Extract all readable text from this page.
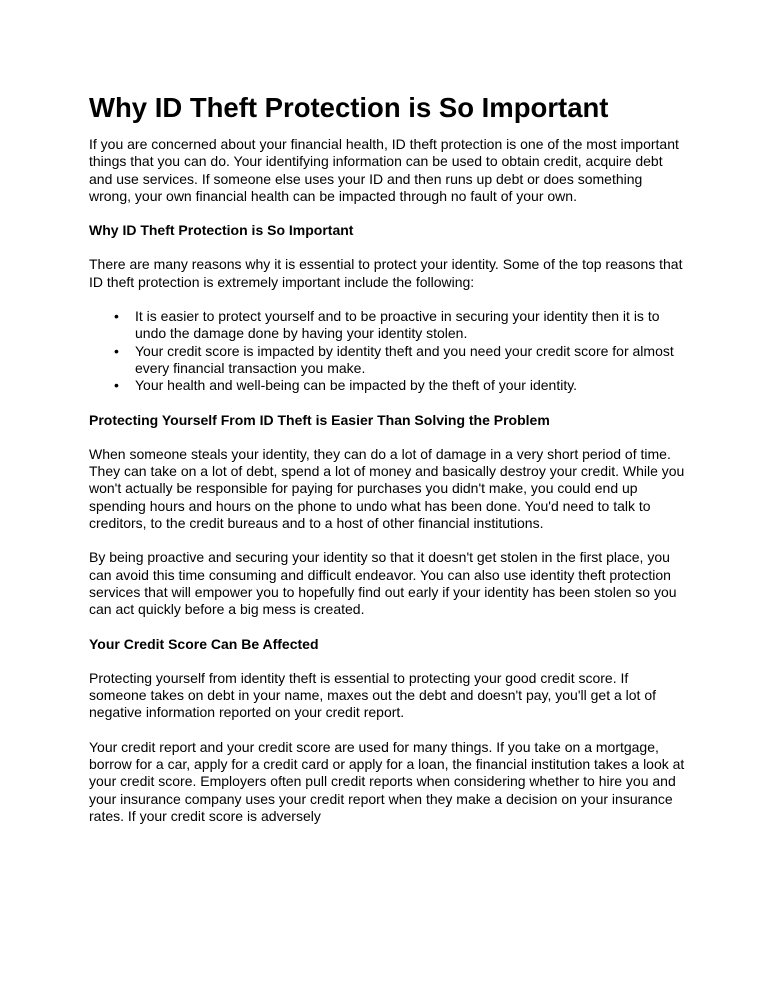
Why ID Theft Protection is So Important

If you are concerned about your financial health, ID theft protection is one of the most important things that you can do. Your identifying information can be used to obtain credit, acquire debt and use services. If someone else uses your ID and then runs up debt or does something wrong, your own financial health can be impacted through no fault of your own.

Why ID Theft Protection is So Important

There are many reasons why it is essential to protect your identity. Some of the top reasons that ID theft protection is extremely important include the following:

• It is easier to protect yourself and to be proactive in securing your identity then it is to undo the damage done by having your identity stolen.
• Your credit score is impacted by identity theft and you need your credit score for almost every financial transaction you make.
• Your health and well-being can be impacted by the theft of your identity.

Protecting Yourself From ID Theft is Easier Than Solving the Problem

When someone steals your identity, they can do a lot of damage in a very short period of time. They can take on a lot of debt, spend a lot of money and basically destroy your credit. While you won't actually be responsible for paying for purchases you didn't make, you could end up spending hours and hours on the phone to undo what has been done. You'd need to talk to creditors, to the credit bureaus and to a host of other financial institutions.

By being proactive and securing your identity so that it doesn't get stolen in the first place, you can avoid this time consuming and difficult endeavor. You can also use identity theft protection services that will empower you to hopefully find out early if your identity has been stolen so you can act quickly before a big mess is created.

Your Credit Score Can Be Affected

Protecting yourself from identity theft is essential to protecting your good credit score. If someone takes on debt in your name, maxes out the debt and doesn't pay, you'll get a lot of negative information reported on your credit report.

Your credit report and your credit score are used for many things. If you take on a mortgage, borrow for a car, apply for a credit card or apply for a loan, the financial institution takes a look at your credit score. Employers often pull credit reports when considering whether to hire you and your insurance company uses your credit report when they make a decision on your insurance rates. If your credit score is adversely
